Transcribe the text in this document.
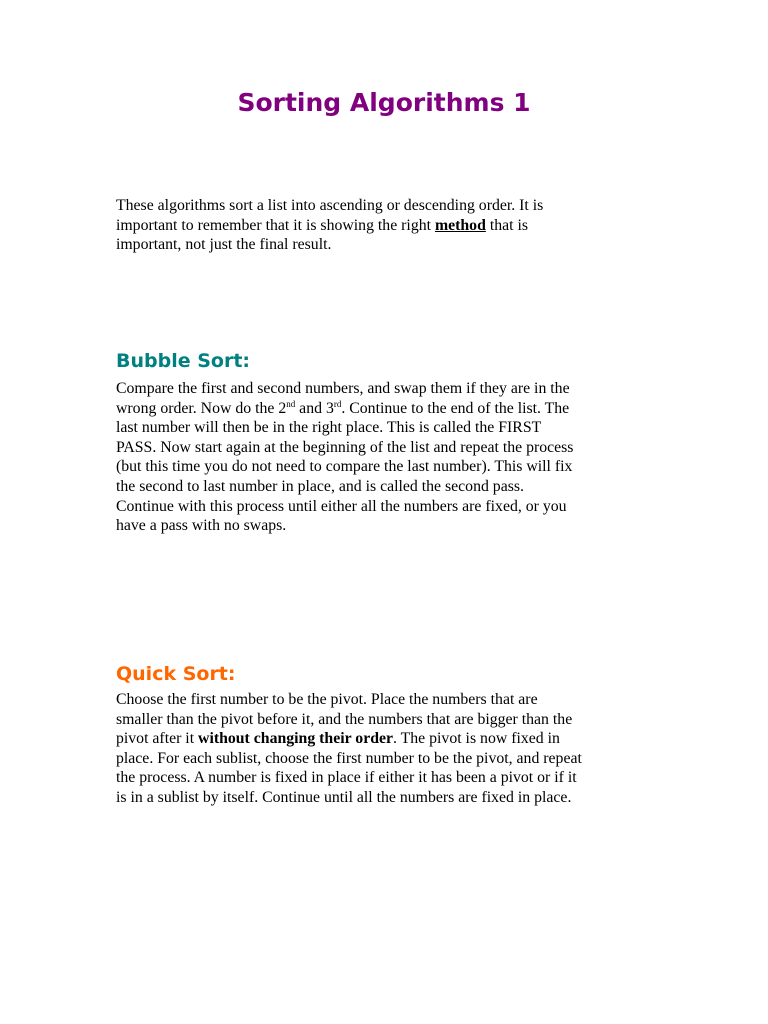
Sorting Algorithms 1

These algorithms sort a list into ascending or descending order. It is
important to remember that it is showing the right method that is
important, not just the final result.

Bubble Sort:

Compare the first and second numbers, and swap them if they are in the
wrong order. Now do the 2nd and 3rd. Continue to the end of the list. The
last number will then be in the right place. This is called the FIRST
PASS. Now start again at the beginning of the list and repeat the process
(but this time you do not need to compare the last number). This will fix
the second to last number in place, and is called the second pass.
Continue with this process until either all the numbers are fixed, or you
have a pass with no swaps.

Quick Sort:

Choose the first number to be the pivot. Place the numbers that are
smaller than the pivot before it, and the numbers that are bigger than the
pivot after it without changing their order. The pivot is now fixed in
place. For each sublist, choose the first number to be the pivot, and repeat
the process. A number is fixed in place if either it has been a pivot or if it
is in a sublist by itself. Continue until all the numbers are fixed in place.
